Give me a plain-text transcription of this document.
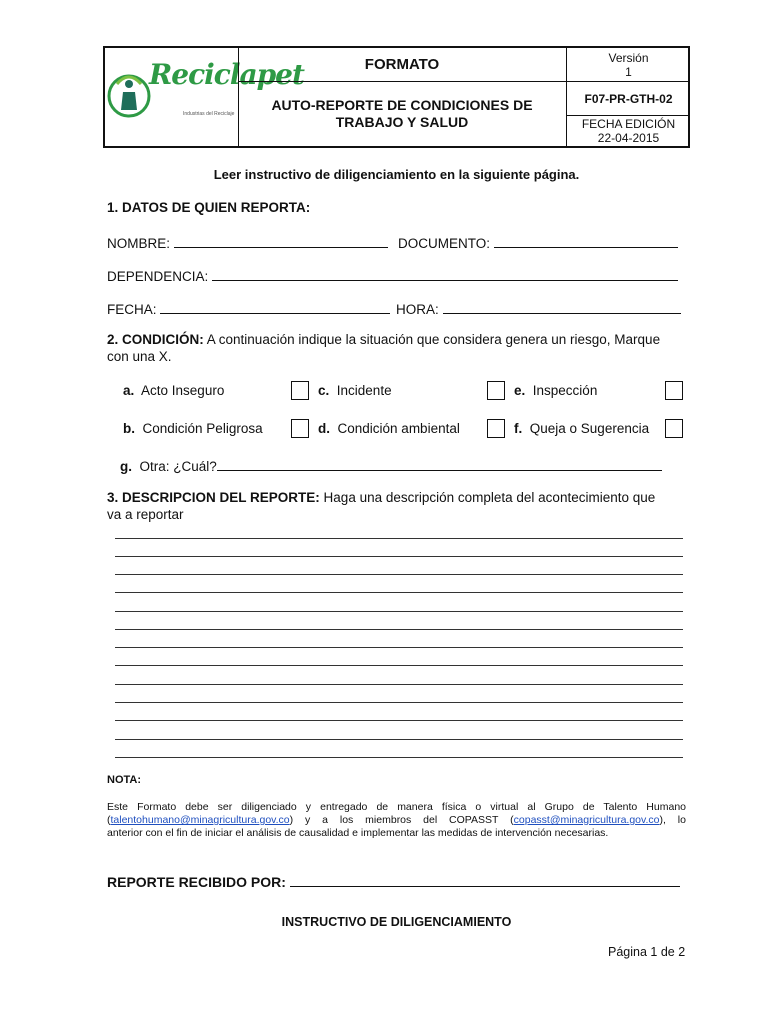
Reciclapet
Industrias del Reciclaje
FORMATO
AUTO-REPORTE DE CONDICIONES DE
TRABAJO Y SALUD
Versión
1
F07-PR-GTH-02
FECHA EDICIÓN
22-04-2015
Leer instructivo de diligenciamiento en la siguiente página.
1. DATOS DE QUIEN REPORTA:
NOMBRE:	DOCUMENTO:
DEPENDENCIA:
FECHA:	HORA:
2. CONDICIÓN: A continuación indique la situación que considera genera un riesgo, Marque
con una X.
a. Acto Inseguro	c. Incidente	e. Inspección
b. Condición Peligrosa	d. Condición ambiental	f. Queja o Sugerencia
g. Otra: ¿Cuál?
3. DESCRIPCION DEL REPORTE: Haga una descripción completa del acontecimiento que
va a reportar
NOTA:
Este Formato debe ser diligenciado y entregado de manera física o virtual al Grupo de Talento Humano
(talentohumano@minagricultura.gov.co) y a los miembros del COPASST (copasst@minagricultura.gov.co), lo
anterior con el fin de iniciar el análisis de causalidad e implementar las medidas de intervención necesarias.
REPORTE RECIBIDO POR:
INSTRUCTIVO DE DILIGENCIAMIENTO
Página 1 de 2
